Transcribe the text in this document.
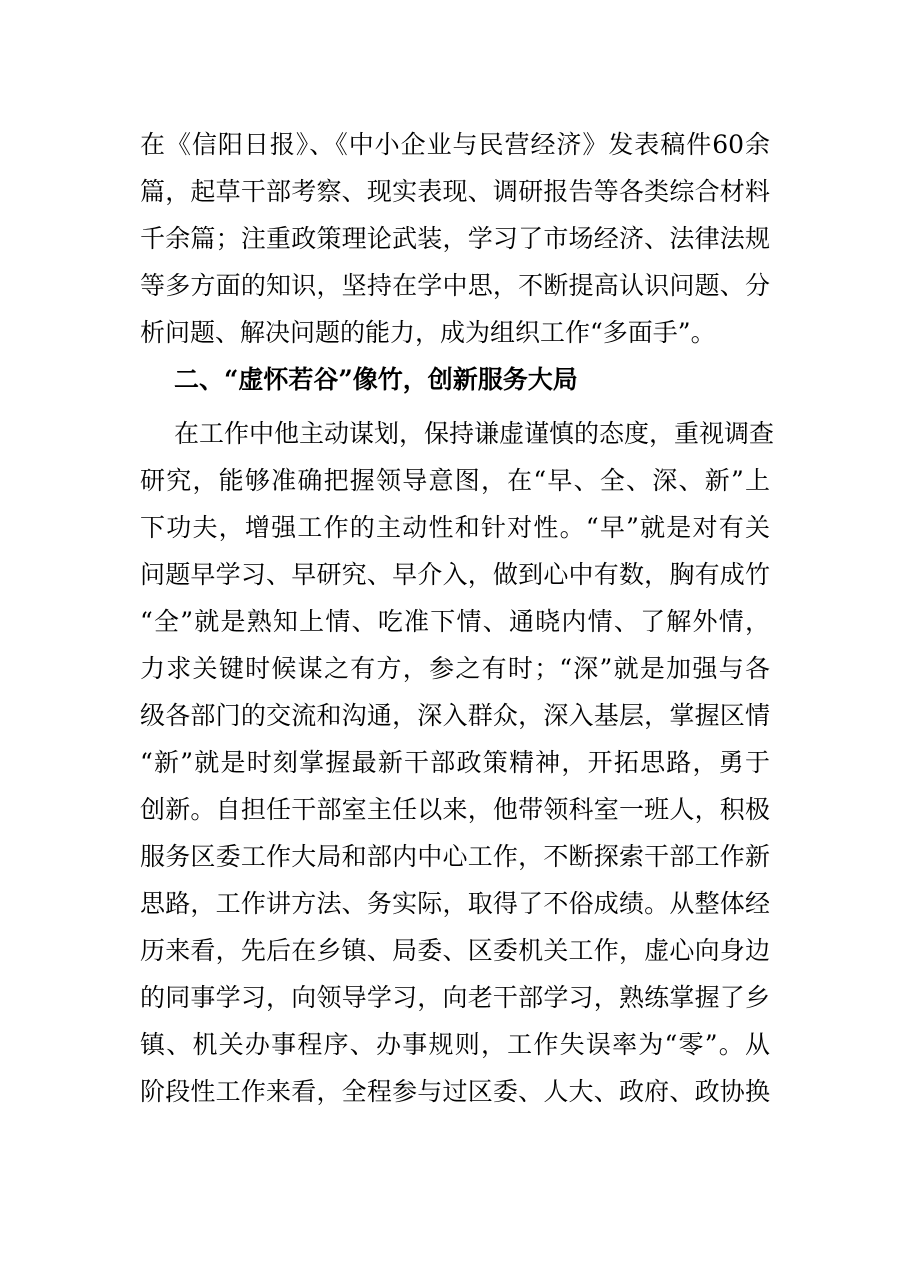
在《信阳日报》、《中小企业与民营经济》发表稿件60余
篇，起草干部考察、现实表现、调研报告等各类综合材料
千余篇；注重政策理论武装，学习了市场经济、法律法规
等多方面的知识，坚持在学中思，不断提高认识问题、分
析问题、解决问题的能力，成为组织工作“多面手”。
二、“虚怀若谷”像竹，创新服务大局
在工作中他主动谋划，保持谦虚谨慎的态度，重视调查
研究，能够准确把握领导意图，在“早、全、深、新”上
下功夫，增强工作的主动性和针对性。“早”就是对有关
问题早学习、早研究、早介入，做到心中有数，胸有成竹
“全”就是熟知上情、吃准下情、通晓内情、了解外情，
力求关键时候谋之有方，参之有时；“深”就是加强与各
级各部门的交流和沟通，深入群众，深入基层，掌握区情
“新”就是时刻掌握最新干部政策精神，开拓思路，勇于
创新。自担任干部室主任以来，他带领科室一班人，积极
服务区委工作大局和部内中心工作，不断探索干部工作新
思路，工作讲方法、务实际，取得了不俗成绩。从整体经
历来看，先后在乡镇、局委、区委机关工作，虚心向身边
的同事学习，向领导学习，向老干部学习，熟练掌握了乡
镇、机关办事程序、办事规则，工作失误率为“零”。从
阶段性工作来看，全程参与过区委、人大、政府、政协换
